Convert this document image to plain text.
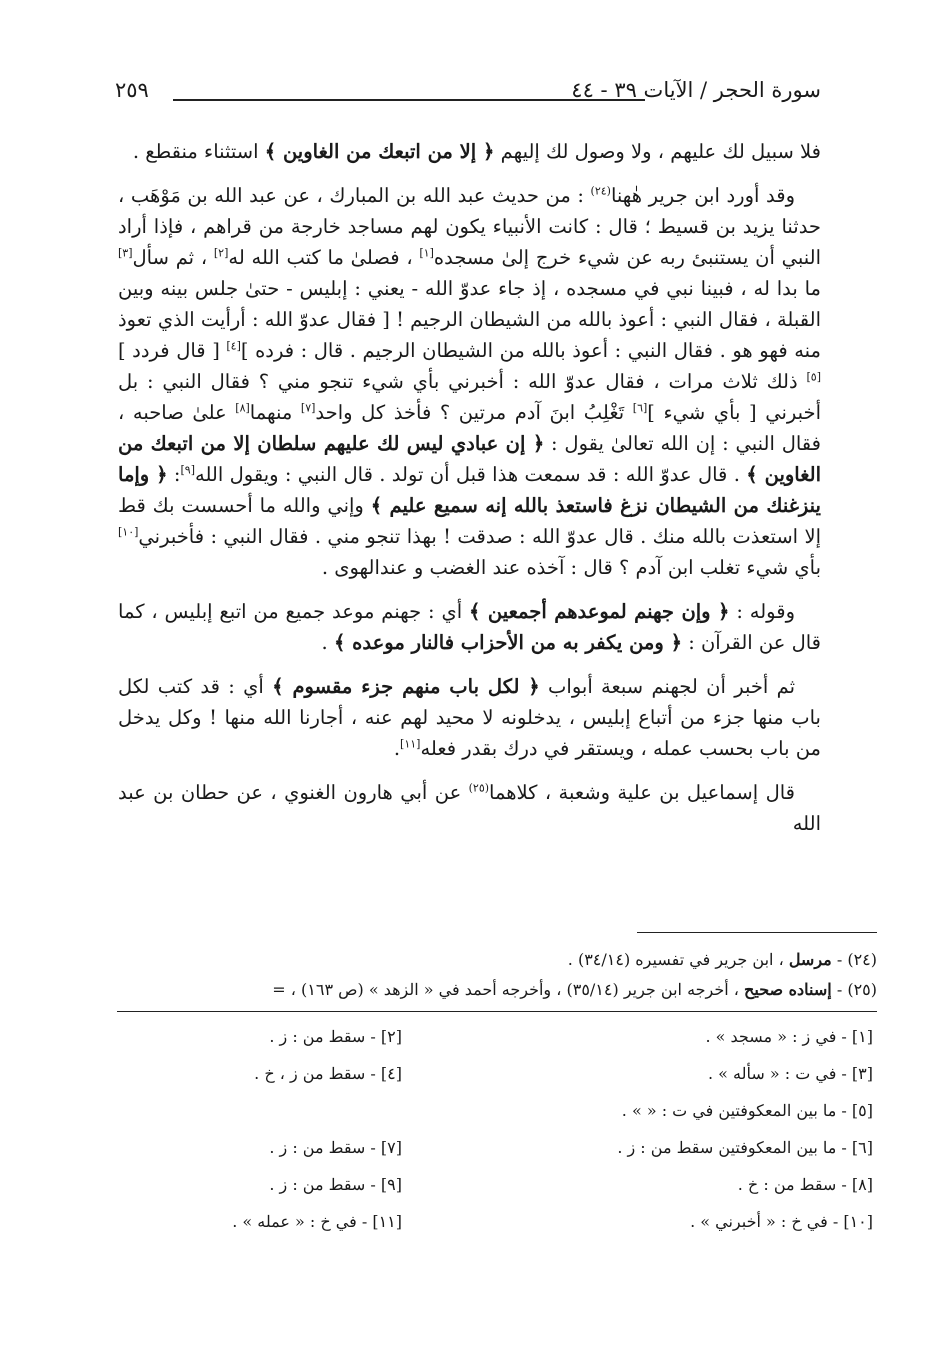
سورة الحجر / الآيات ٣٩ - ٤٤
٢٥٩

فلا سبيل لك عليهم ، ولا وصول لك إليهم ﴿ إلا من اتبعك من الغاوين ﴾ استثناء منقطع .

وقد أورد ابن جرير هٰهنا$^{(٢٤)}$ : من حديث عبد الله بن المبارك ، عن عبد الله بن مَوْهَب ، حدثنا يزيد بن قسيط ؛ قال : كانت الأنبياء يكون لهم مساجد خارجة من قراهم ، فإذا أراد النبي أن يستنبئ ربه عن شيء خرج إلىٰ مسجده[١] ، فصلىٰ ما كتب الله له[٢] ، ثم سأل[٣] ما بدا له ، فبينا نبي في مسجده ، إذ جاء عدوّ الله - يعني : إبليس - حتىٰ جلس بينه وبين القبلة ، فقال النبي : أعوذ بالله من الشيطان الرجيم ! [ فقال عدوّ الله : أرأيت الذي تعوذ منه فهو هو . فقال النبي : أعوذ بالله من الشيطان الرجيم . قال : فرده ][٤] [ قال فردد ][٥] ذلك ثلاث مرات ، فقال عدوّ الله : أخبرني بأي شيء تنجو مني ؟ فقال النبي : بل أخبرني [ بأي شيء ][٦] تَغْلِبُ ابنَ آدم مرتين ؟ فأخذ كل واحد[٧] منهما[٨] علىٰ صاحبه ، فقال النبي : إن الله تعالىٰ يقول : ﴿ إن عبادي ليس لك عليهم سلطان إلا من اتبعك من الغاوين ﴾ . قال عدوّ الله : قد سمعت هذا قبل أن تولد . قال النبي : ويقول الله[٩]: ﴿ وإما ينزغنك من الشيطان نزغ فاستعذ بالله إنه سميع عليم ﴾ وإني والله ما أحسست بك قط إلا استعذت بالله منك . قال عدوّ الله : صدقت ! بهذا تنجو مني . فقال النبي : فأخبرني[١٠] بأي شيء تغلب ابن آدم ؟ قال : آخذه عند الغضب و عندالهوى .

وقوله : ﴿ وإن جهنم لموعدهم أجمعين ﴾ أي : جهنم موعد جميع من اتبع إبليس ، كما قال عن القرآن : ﴿ ومن يكفر به من الأحزاب فالنار موعده ﴾ .

ثم أخبر أن لجهنم سبعة أبواب ﴿ لكل باب منهم جزء مقسوم ﴾ أي : قد كتب لكل باب منها جزء من أتباع إبليس ، يدخلونه لا محيد لهم عنه ، أجارنا الله منها ! وكل يدخل من باب بحسب عمله ، ويستقر في درك بقدر فعله[١١].

قال إسماعيل بن علية وشعبة ، كلاهما$^{(٢٥)}$ عن أبي هارون الغنوي ، عن حطان بن عبد الله

(٢٤) - مرسل ، ابن جرير في تفسيره (٣٤/١٤) .

(٢٥) - إسناده صحيح ، أخرجه ابن جرير (٣٥/١٤) ، وأخرجه أحمد في « الزهد » (ص ١٦٣) ، =

[١] - في ز : « مسجد » .
[٢] - سقط من : ز .
[٣] - في ت : « سأله » .
[٤] - سقط من ز ، خ .
[٥] - ما بين المعكوفتين في ت : « » .
[٦] - ما بين المعكوفتين سقط من : ز .
[٧] - سقط من : ز .
[٨] - سقط من : خ .
[٩] - سقط من : ز .
[١٠] - في خ : « أخبرني » .
[١١] - في خ : « عمله » .
